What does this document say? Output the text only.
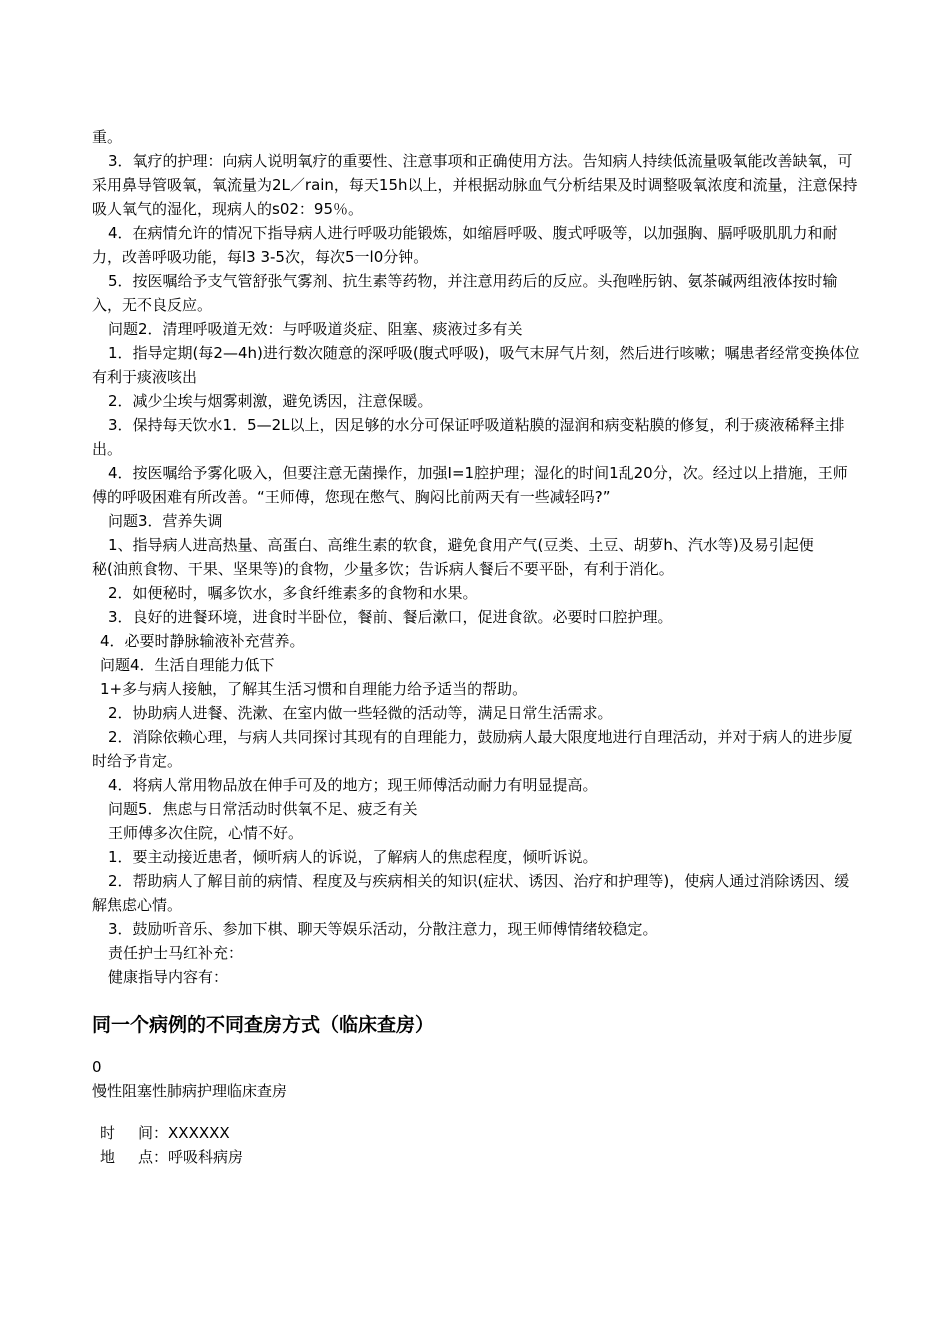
重。
3．氧疗的护理：向病人说明氧疗的重要性、注意事项和正确使用方法。告知病人持续低流量吸氧能改善缺氧，可采用鼻导管吸氧，氧流量为2L／rain，每天15h以上，并根据动脉血气分析结果及时调整吸氧浓度和流量，注意保持吸人氧气的湿化，现病人的s02：95％。
4．在病情允许的情况下指导病人进行呼吸功能锻炼，如缩唇呼吸、腹式呼吸等，以加强胸、膈呼吸肌肌力和耐力，改善呼吸功能，每l3 3-5次，每次5一l0分钟。
5．按医嘱给予支气管舒张气雾剂、抗生素等药物，并注意用药后的反应。头孢唑肟钠、氨茶碱两组液体按时输入，无不良反应。
问题2．清理呼吸道无效：与呼吸道炎症、阻塞、痰液过多有关
1．指导定期(每2—4h)进行数次随意的深呼吸(腹式呼吸)，吸气末屏气片刻，然后进行咳嗽；嘱患者经常变换体位有利于痰液咳出
2．减少尘埃与烟雾刺激，避免诱因，注意保暖。
3．保持每天饮水1．5—2L以上，因足够的水分可保证呼吸道粘膜的湿润和病变粘膜的修复，利于痰液稀释主排出。
4．按医嘱给予雾化吸入，但要注意无菌操作，加强I=1腔护理；湿化的时间1乱20分，次。经过以上措施，王师傅的呼吸困难有所改善。“王师傅，您现在憋气、胸闷比前两天有一些减轻吗?”
问题3．营养失调
1、指导病人进高热量、高蛋白、高维生素的软食，避免食用产气(豆类、土豆、胡萝h、汽水等)及易引起便
秘(油煎食物、干果、坚果等)的食物，少量多饮；告诉病人餐后不要平卧，有利于消化。
2．如便秘时，嘱多饮水，多食纤维素多的食物和水果。
3．良好的进餐环境，进食时半卧位，餐前、餐后漱口，促进食欲。必要时口腔护理。
4．必要时静脉输液补充营养。
问题4．生活自理能力低下
1+多与病人接触，了解其生活习惯和自理能力给予适当的帮助。
2．协助病人进餐、洗漱、在室内做一些轻微的活动等，满足日常生活需求。
2．消除依赖心理，与病人共同探讨其现有的自理能力，鼓励病人最大限度地进行自理活动，并对于病人的进步厦时给予肯定。
4．将病人常用物品放在伸手可及的地方；现王师傅活动耐力有明显提高。
问题5．焦虑与日常活动时供氧不足、疲乏有关
王师傅多次住院，心情不好。
1．要主动接近患者，倾听病人的诉说，了解病人的焦虑程度，倾听诉说。
2．帮助病人了解目前的病情、程度及与疾病相关的知识(症状、诱因、治疗和护理等)，使病人通过消除诱因、缓解焦虑心情。
3．鼓励听音乐、参加下棋、聊天等娱乐活动，分散注意力，现王师傅情绪较稳定。
责任护士马红补充：
健康指导内容有：
同一个病例的不同查房方式（临床查房）
0
慢性阻塞性肺病护理临床查房
时 间：XXXXXX
地 点：呼吸科病房
